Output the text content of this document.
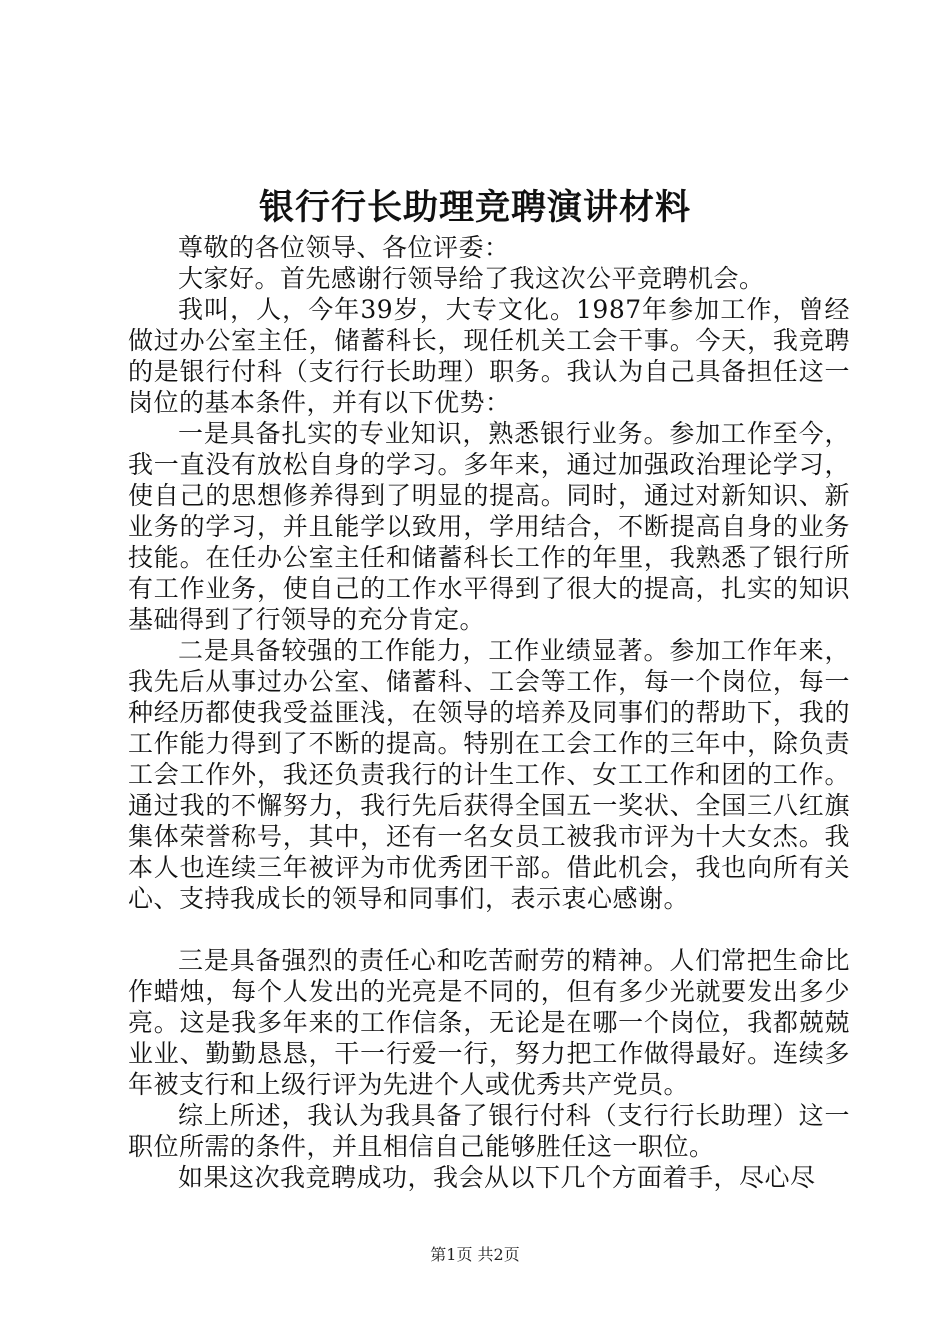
银行行长助理竞聘演讲材料

尊敬的各位领导、各位评委：

大家好。首先感谢行领导给了我这次公平竞聘机会。

我叫，人，今年39岁，大专文化。1987年参加工作，曾经做过办公室主任，储蓄科长，现任机关工会干事。今天，我竞聘的是银行付科（支行行长助理）职务。我认为自己具备担任这一岗位的基本条件，并有以下优势：

一是具备扎实的专业知识，熟悉银行业务。参加工作至今，我一直没有放松自身的学习。多年来，通过加强政治理论学习，使自己的思想修养得到了明显的提高。同时，通过对新知识、新业务的学习，并且能学以致用，学用结合，不断提高自身的业务技能。在任办公室主任和储蓄科长工作的年里，我熟悉了银行所有工作业务，使自己的工作水平得到了很大的提高，扎实的知识基础得到了行领导的充分肯定。

二是具备较强的工作能力，工作业绩显著。参加工作年来，我先后从事过办公室、储蓄科、工会等工作，每一个岗位，每一种经历都使我受益匪浅，在领导的培养及同事们的帮助下，我的工作能力得到了不断的提高。特别在工会工作的三年中，除负责工会工作外，我还负责我行的计生工作、女工工作和团的工作。通过我的不懈努力，我行先后获得全国五一奖状、全国三八红旗集体荣誉称号，其中，还有一名女员工被我市评为十大女杰。我本人也连续三年被评为市优秀团干部。借此机会，我也向所有关心、支持我成长的领导和同事们，表示衷心感谢。

三是具备强烈的责任心和吃苦耐劳的精神。人们常把生命比作蜡烛，每个人发出的光亮是不同的，但有多少光就要发出多少亮。这是我多年来的工作信条，无论是在哪一个岗位，我都兢兢业业、勤勤恳恳，干一行爱一行，努力把工作做得最好。连续多年被支行和上级行评为先进个人或优秀共产党员。

综上所述，我认为我具备了银行付科（支行行长助理）这一职位所需的条件，并且相信自己能够胜任这一职位。

如果这次我竞聘成功，我会从以下几个方面着手，尽心尽

第1页 共2页
